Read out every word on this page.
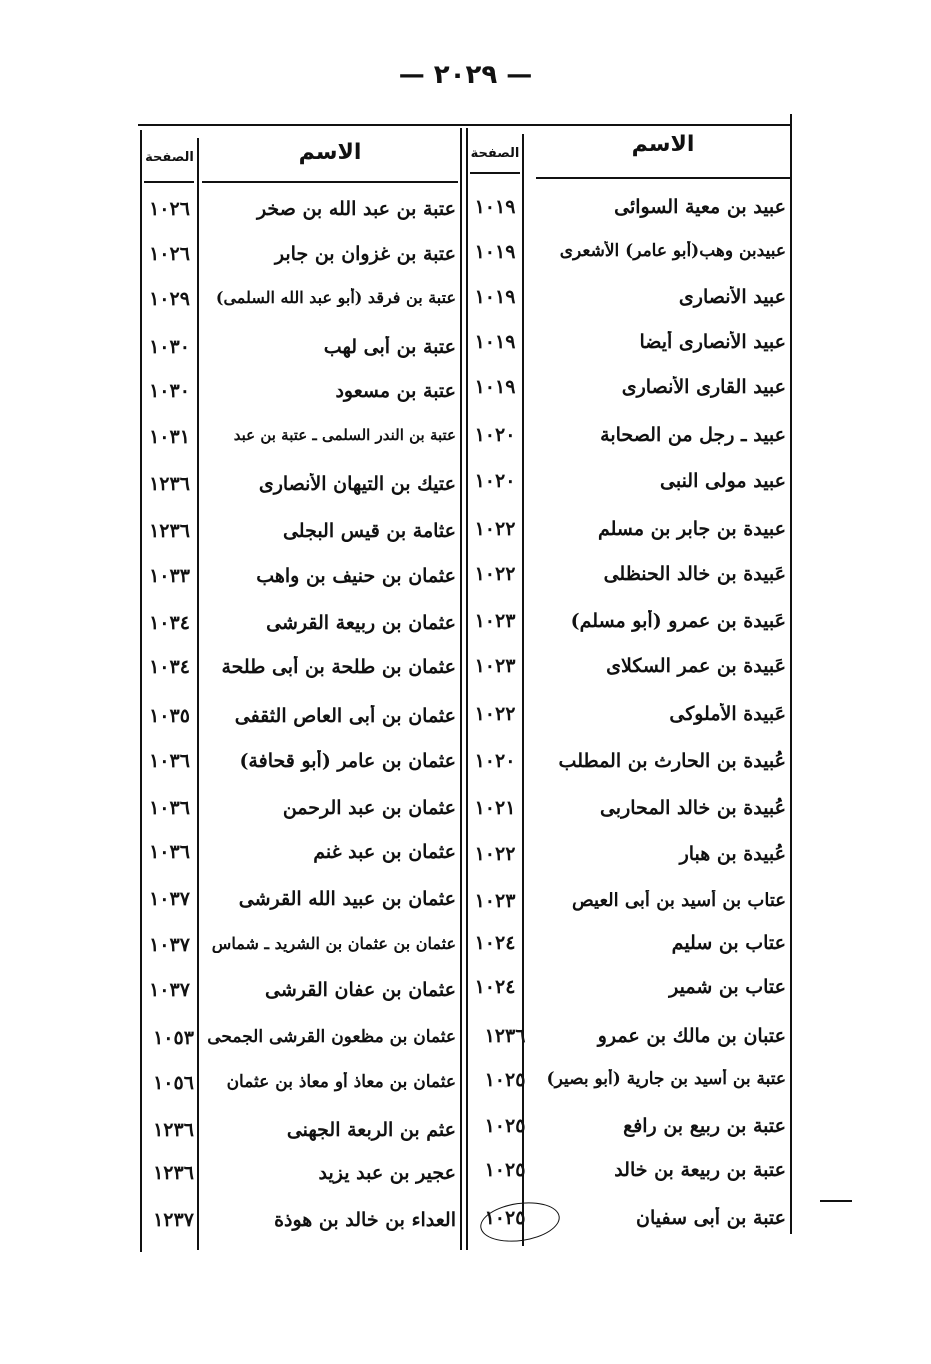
— ٢٠٢٩ —
الاسم
الصفحة
الاسم
الصفحة
عبيد بن معية السوائى
١٠١٩
عبيدبن وهب(أبو عامر) الأشعرى
١٠١٩
عبيد الأنصارى
١٠١٩
عبيد الأنصارى أيضا
١٠١٩
عبيد القارى الأنصارى
١٠١٩
عبيد ـ رجل من الصحابة
١٠٢٠
عبيد مولى النبى
١٠٢٠
عبيدة بن جابر بن مسلم
١٠٢٢
عَبيدة بن خالد الحنظلى
١٠٢٢
عَبيدة بن عمرو (أبو مسلم)
١٠٢٣
عَبيدة بن عمر السكلاى
١٠٢٣
عَبيدة الأملوكى
١٠٢٢
عُبيدة بن الحارث بن المطلب
١٠٢٠
عُبيدة بن خالد المحاربى
١٠٢١
عُبيدة بن هبار
١٠٢٢
عتاب بن أسيد بن أبى العيص
١٠٢٣
عتاب بن سليم
١٠٢٤
عتاب بن شمير
١٠٢٤
عتبان بن مالك بن عمرو
١٢٣٦
عتبة بن أسيد بن جارية (أبو بصير)
١٠٢٥
عتبة بن ربيع بن رافع
١٠٢٥
عتبة بن ربيعة بن خالد
١٠٢٥
عتبة بن أبى سفيان
١٠٢٥
عتبة بن عبد الله بن صخر
١٠٢٦
عتبة بن غزوان بن جابر
١٠٢٦
عتبة بن فرقد (أبو عبد الله السلمى)
١٠٢٩
عتبة بن أبى لهب
١٠٣٠
عتبة بن مسعود
١٠٣٠
عتبة بن الندر السلمى ـ عتبة بن عبد
١٠٣١
عتيك بن التيهان الأنصارى
١٢٣٦
عثامة بن قيس البجلى
١٢٣٦
عثمان بن حنيف بن واهب
١٠٣٣
عثمان بن ربيعة القرشى
١٠٣٤
عثمان بن طلحة بن أبى طلحة
١٠٣٤
عثمان بن أبى العاص الثقفى
١٠٣٥
عثمان بن عامر (أبو قحافة)
١٠٣٦
عثمان بن عبد الرحمن
١٠٣٦
عثمان بن عبد غنم
١٠٣٦
عثمان بن عبيد الله القرشى
١٠٣٧
عثمان بن عثمان بن الشريد ـ شماس
١٠٣٧
عثمان بن عفان القرشى
١٠٣٧
عثمان بن مظعون القرشى الجمحى
١٠٥٣
عثمان بن معاذ أو معاذ بن عثمان
١٠٥٦
عثم بن الربعة الجهنى
١٢٣٦
عجير بن عبد يزيد
١٢٣٦
العداء بن خالد بن هوذة
١٢٣٧
